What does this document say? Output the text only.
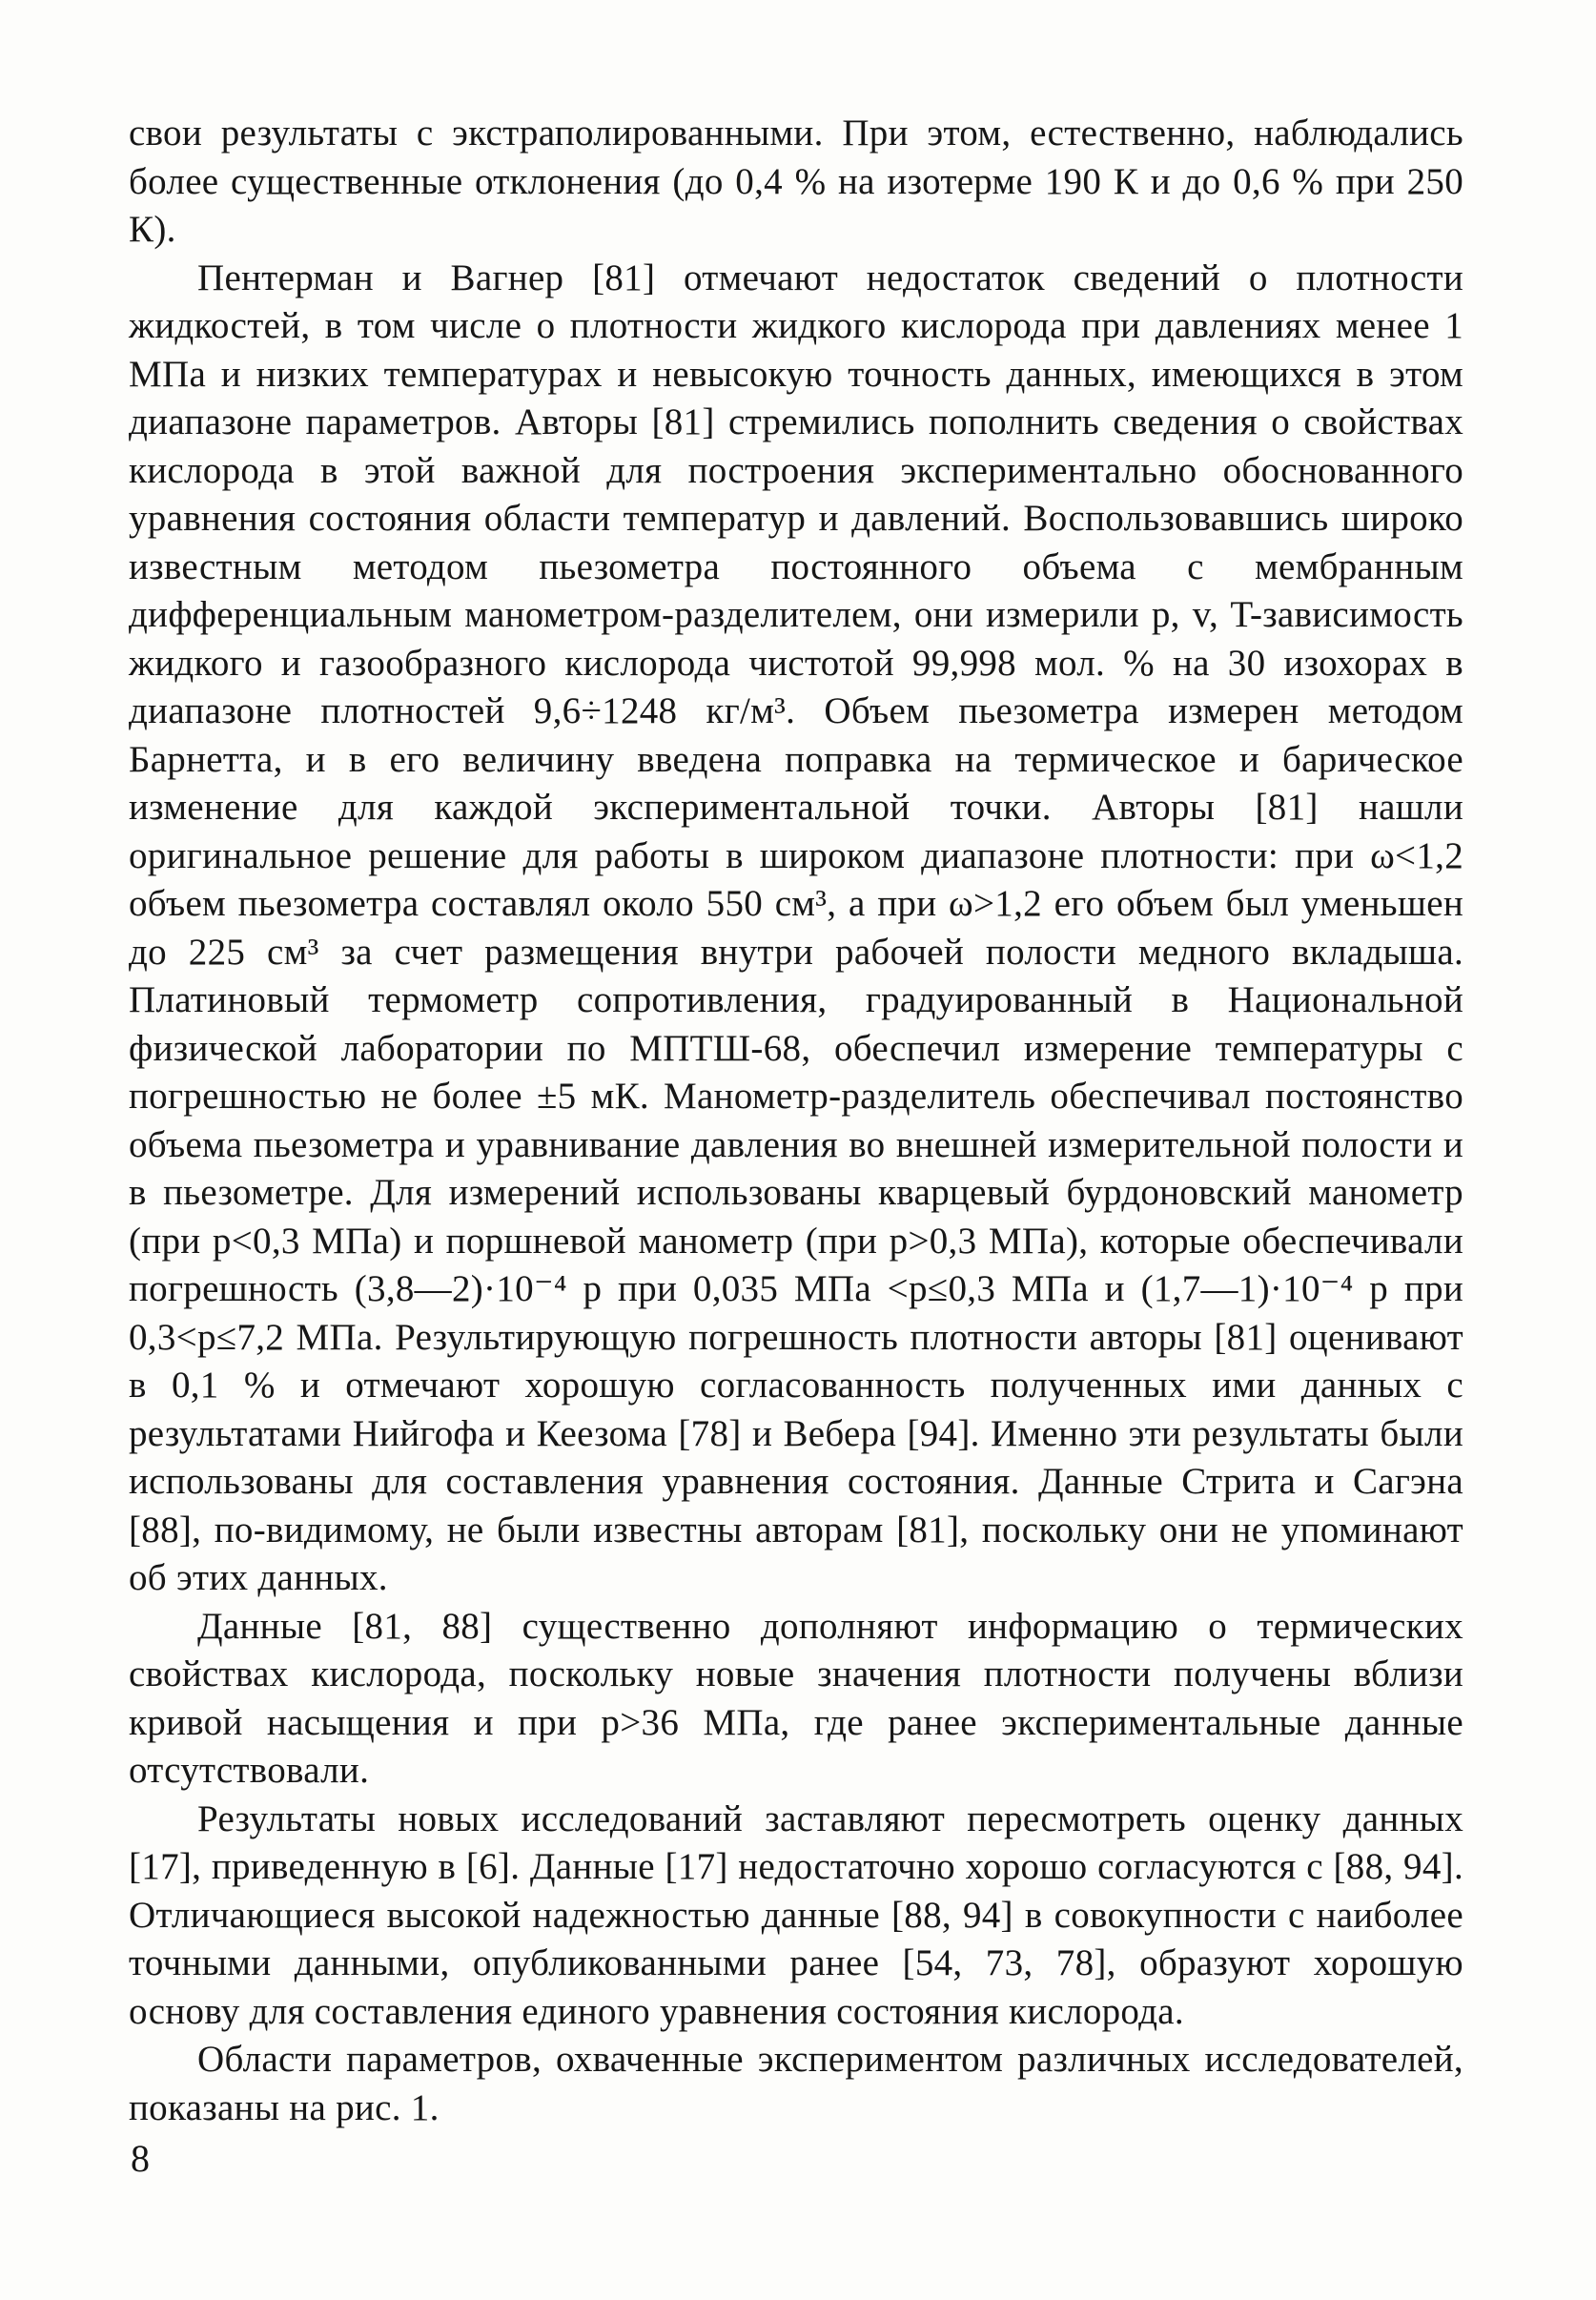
свои результаты с экстраполированными. При этом, естественно, наблюдались более существенные отклонения (до 0,4 % на изотерме 190 К и до 0,6 % при 250 К).

Пентерман и Вагнер [81] отмечают недостаток сведений о плотности жидкостей, в том числе о плотности жидкого кислорода при давлениях менее 1 МПа и низких температурах и невысокую точность данных, имеющихся в этом диапазоне параметров. Авторы [81] стремились пополнить сведения о свойствах кислорода в этой важной для построения экспериментально обоснованного уравнения состояния области температур и давлений. Воспользовавшись широко известным методом пьезометра постоянного объема с мембранным дифференциальным манометром-разделителем, они измерили p, v, T-зависимость жидкого и газообразного кислорода чистотой 99,998 мол. % на 30 изохорах в диапазоне плотностей 9,6÷1248 кг/м³. Объем пьезометра измерен методом Барнетта, и в его величину введена поправка на термическое и барическое изменение для каждой экспериментальной точки. Авторы [81] нашли оригинальное решение для работы в широком диапазоне плотности: при ω<1,2 объем пьезометра составлял около 550 см³, а при ω>1,2 его объем был уменьшен до 225 см³ за счет размещения внутри рабочей полости медного вкладыша. Платиновый термометр сопротивления, градуированный в Национальной физической лаборатории по МПТШ-68, обеспечил измерение температуры с погрешностью не более ±5 мК. Манометр-разделитель обеспечивал постоянство объема пьезометра и уравнивание давления во внешней измерительной полости и в пьезометре. Для измерений использованы кварцевый бурдоновский манометр (при p<0,3 МПа) и поршневой манометр (при p>0,3 МПа), которые обеспечивали погрешность (3,8—2)·10⁻⁴ p при 0,035 МПа <p≤0,3 МПа и (1,7—1)·10⁻⁴ p при 0,3<p≤7,2 МПа. Результирующую погрешность плотности авторы [81] оценивают в 0,1 % и отмечают хорошую согласованность полученных ими данных с результатами Нийгофа и Кеезома [78] и Вебера [94]. Именно эти результаты были использованы для составления уравнения состояния. Данные Стрита и Сагэна [88], по-видимому, не были известны авторам [81], поскольку они не упоминают об этих данных.

Данные [81, 88] существенно дополняют информацию о термических свойствах кислорода, поскольку новые значения плотности получены вблизи кривой насыщения и при p>36 МПа, где ранее экспериментальные данные отсутствовали.

Результаты новых исследований заставляют пересмотреть оценку данных [17], приведенную в [6]. Данные [17] недостаточно хорошо согласуются с [88, 94]. Отличающиеся высокой надежностью данные [88, 94] в совокупности с наиболее точными данными, опубликованными ранее [54, 73, 78], образуют хорошую основу для составления единого уравнения состояния кислорода.

Области параметров, охваченные экспериментом различных исследователей, показаны на рис. 1.

8
